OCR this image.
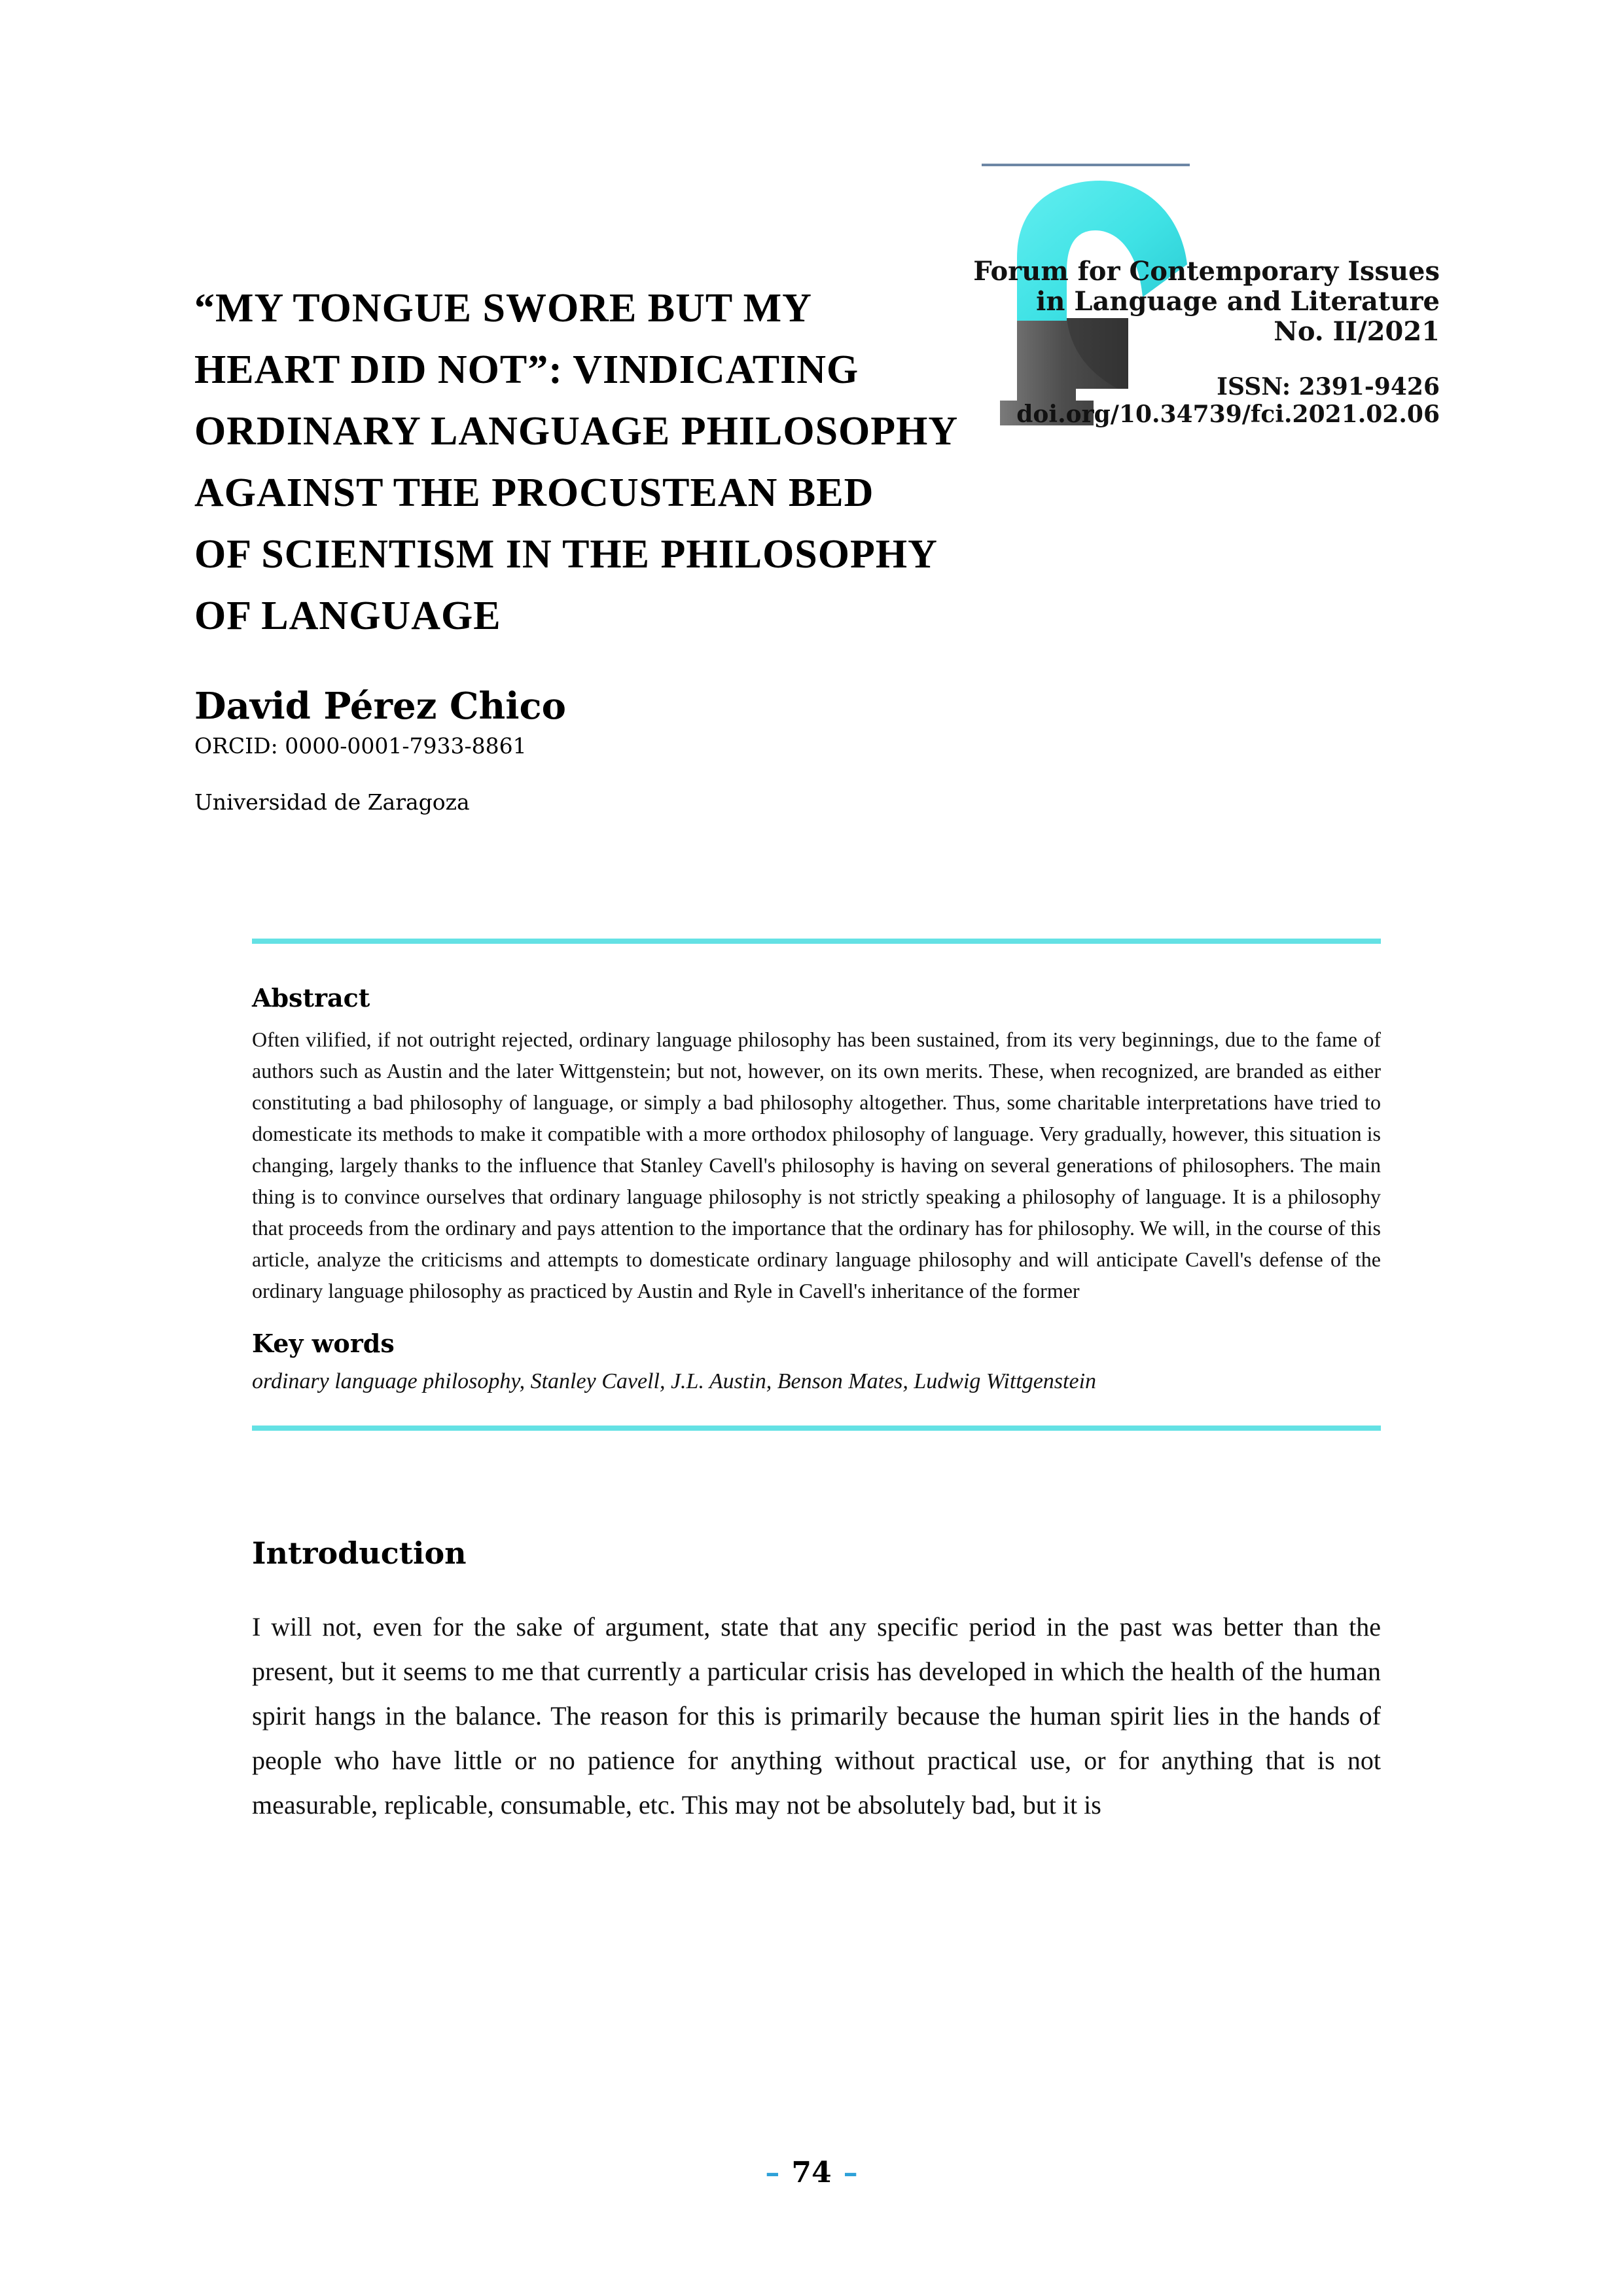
Forum for Contemporary Issues
in Language and Literature
No. II/2021
ISSN: 2391-9426
doi.org/10.34739/fci.2021.02.06
“MY TONGUE SWORE BUT MY
HEART DID NOT”: VINDICATING
ORDINARY LANGUAGE PHILOSOPHY
AGAINST THE PROCUSTEAN BED
OF SCIENTISM IN THE PHILOSOPHY
OF LANGUAGE
David Pérez Chico
ORCID: 0000-0001-7933-8861
Universidad de Zaragoza
Abstract

Often vilified, if not outright rejected, ordinary language philosophy has been sustained, from its very beginnings, due to the fame of authors such as Austin and the later Wittgenstein; but not, however, on its own merits. These, when recognized, are branded as either constituting a bad philosophy of language, or simply a bad philosophy altogether. Thus, some charitable interpretations have tried to domesticate its methods to make it compatible with a more orthodox philosophy of language. Very gradually, however, this situation is changing, largely thanks to the influence that Stanley Cavell's philosophy is having on several generations of philosophers. The main thing is to convince ourselves that ordinary language philosophy is not strictly speaking a philosophy of language. It is a philosophy that proceeds from the ordinary and pays attention to the importance that the ordinary has for philosophy. We will, in the course of this article, analyze the criticisms and attempts to domesticate ordinary language philosophy and will anticipate Cavell's defense of the ordinary language philosophy as practiced by Austin and Ryle in Cavell's inheritance of the former

Key words

ordinary language philosophy, Stanley Cavell, J.L. Austin, Benson Mates, Ludwig Wittgenstein

Introduction

I will not, even for the sake of argument, state that any specific period in the past was better than the present, but it seems to me that currently a particular crisis has developed in which the health of the human spirit hangs in the balance. The reason for this is primarily because the human spirit lies in the hands of people who have little or no patience for anything without practical use, or for anything that is not measurable, replicable, consumable, etc. This may not be absolutely bad, but it is

– 74 –
